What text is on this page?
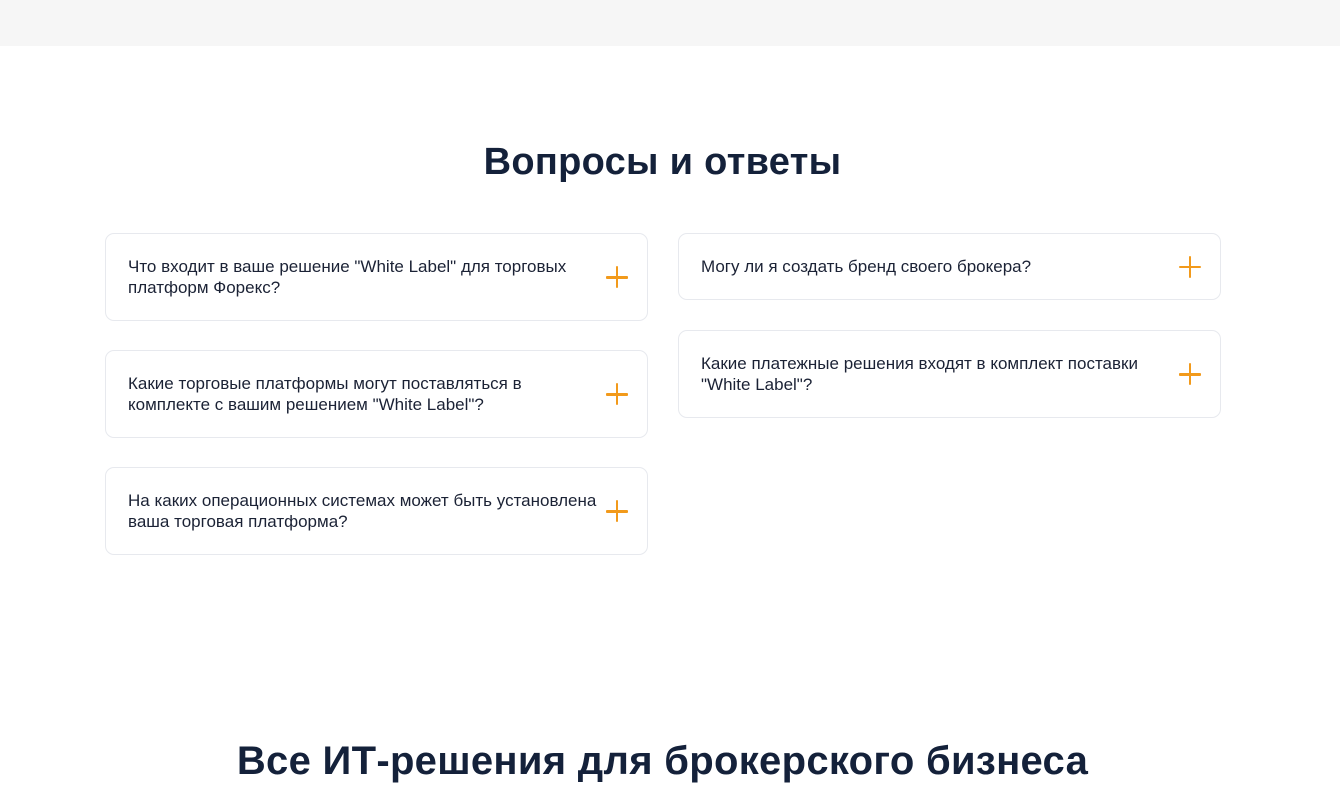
Вопросы и ответы
Что входит в ваше решение "White Label" для торговых платформ Форекс?
Какие торговые платформы могут поставляться в комплекте с вашим решением "White Label"?
На каких операционных системах может быть установлена ваша торговая платформа?
Могу ли я создать бренд своего брокера?
Какие платежные решения входят в комплект поставки "White Label"?
Все ИТ-решения для брокерского бизнеса
